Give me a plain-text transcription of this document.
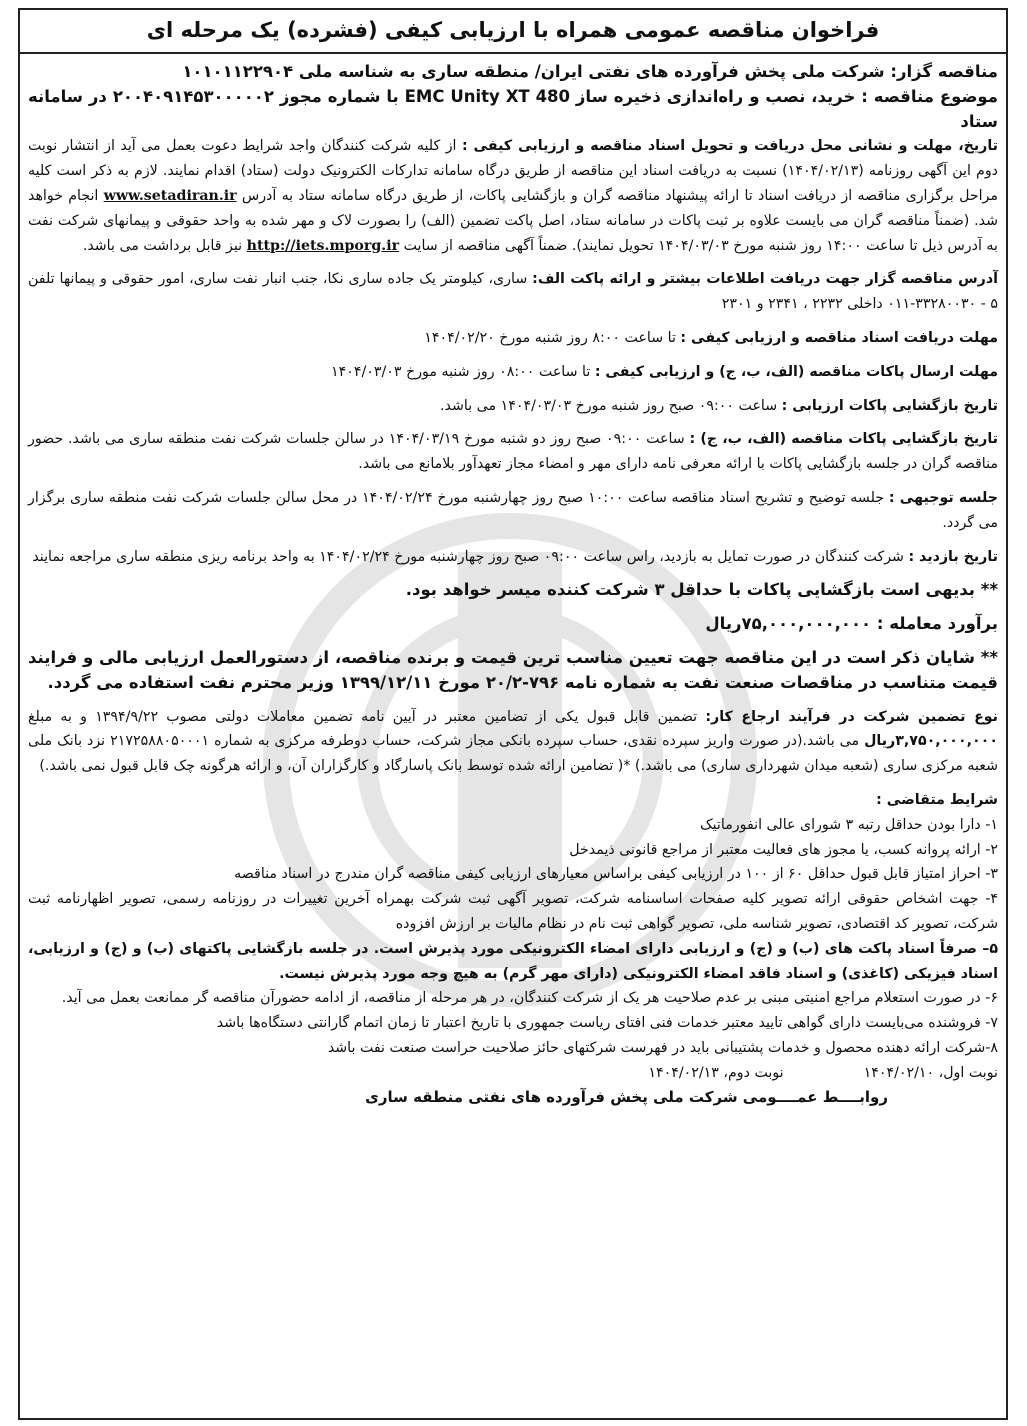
فراخوان مناقصه عمومی همراه با ارزیابی کیفی (فشرده) یک مرحله ای

مناقصه گزار: شرکت ملی پخش فرآورده های نفتی ایران/ منطقه ساری به شناسه ملی ۱۰۱۰۱۱۲۲۹۰۴

موضوع مناقصه : خرید، نصب و راه‌اندازی ذخیره ساز EMC Unity XT 480 با شماره مجوز ۲۰۰۴۰۹۱۴۵۳۰۰۰۰۰۲ در سامانه ستاد

تاریخ، مهلت و نشانی محل دریافت و تحویل اسناد مناقصه و ارزیابی کیفی : از کلیه شرکت کنندگان واجد شرایط دعوت بعمل می آید از انتشار نوبت دوم این آگهی روزنامه (۱۴۰۴/۰۲/۱۳) نسبت به دریافت اسناد این مناقصه از طریق درگاه سامانه تدارکات الکترونیک دولت (ستاد) اقدام نمایند. لازم به ذکر است کلیه مراحل برگزاری مناقصه از دریافت اسناد تا ارائه پیشنهاد مناقصه گران و بازگشایی پاکات، از طریق درگاه سامانه ستاد به آدرس www.setadiran.ir انجام خواهد شد. (ضمناً مناقصه گران می بایست علاوه بر ثبت پاکات در سامانه ستاد، اصل پاکت تضمین (الف) را بصورت لاک و مهر شده به واحد حقوقی و پیمانهای شرکت نفت به آدرس ذیل تا ساعت ۱۴:۰۰ روز شنبه مورخ ۱۴۰۴/۰۳/۰۳ تحویل نمایند). ضمناً آگهی مناقصه از سایت http://iets.mporg.ir نیز قابل برداشت می باشد.

آدرس مناقصه گزار جهت دریافت اطلاعات بیشتر و ارائه پاکت الف: ساری، کیلومتر یک جاده ساری نکا، جنب انبار نفت ساری، امور حقوقی و پیمانها تلفن ۵ - ۳۳۲۸۰۰۳۰-۰۱۱ داخلی ۲۲۳۲ ، ۲۳۴۱ و ۲۳۰۱

مهلت دریافت اسناد مناقصه و ارزیابی کیفی : تا ساعت ۸:۰۰ روز شنبه مورخ ۱۴۰۴/۰۲/۲۰

مهلت ارسال پاکات مناقصه (الف، ب، ج) و ارزیابی کیفی : تا ساعت ۰۸:۰۰ روز شنبه مورخ ۱۴۰۴/۰۳/۰۳

تاریخ بازگشایی پاکات ارزیابی : ساعت ۰۹:۰۰ صبح روز شنبه مورخ ۱۴۰۴/۰۳/۰۳ می باشد.

تاریخ بازگشایی پاکات مناقصه (الف، ب، ج) : ساعت ۰۹:۰۰ صبح روز دو شنبه مورخ ۱۴۰۴/۰۳/۱۹ در سالن جلسات شرکت نفت منطقه ساری می باشد. حضور مناقصه گران در جلسه بازگشایی پاکات با ارائه معرفی نامه دارای مهر و امضاء مجاز تعهدآور بلامانع می باشد.

جلسه توجیهی : جلسه توضیح و تشریح اسناد مناقصه ساعت ۱۰:۰۰ صبح روز چهارشنبه مورخ ۱۴۰۴/۰۲/۲۴ در محل سالن جلسات شرکت نفت منطقه ساری برگزار می گردد.

تاریخ بازدید : شرکت کنندگان در صورت تمایل به بازدید، راس ساعت ۰۹:۰۰ صبح روز چهارشنبه مورخ ۱۴۰۴/۰۲/۲۴ به واحد برنامه ریزی منطقه ساری مراجعه نمایند

** بدیهی است بازگشایی پاکات با حداقل ۳ شرکت کننده میسر خواهد بود.

برآورد معامله : ۷۵,۰۰۰,۰۰۰,۰۰۰ریال

** شایان ذکر است در این مناقصه جهت تعیین مناسب ترین قیمت و برنده مناقصه، از دستورالعمل ارزیابی مالی و فرایند قیمت متناسب در مناقصات صنعت نفت به شماره نامه ۷۹۶-۲۰/۲ مورخ ۱۳۹۹/۱۲/۱۱ وزیر محترم نفت استفاده می گردد.

نوع تضمین شرکت در فرآیند ارجاع کار: تضمین قابل قبول یکی از تضامین معتبر در آیین نامه تضمین معاملات دولتی مصوب ۱۳۹۴/۹/۲۲ و به مبلغ ۳,۷۵۰,۰۰۰,۰۰۰ریال می باشد.(در صورت واریز سپرده نقدی، حساب سپرده بانکی مجاز شرکت، حساب دوطرفه مرکزی به شماره ۲۱۷۲۵۸۸۰۵۰۰۰۱ نزد بانک ملی شعبه مرکزی ساری (شعبه میدان شهرداری ساری) می باشد.) *( تضامین ارائه شده توسط بانک پاسارگاد و کارگزاران آن، و ارائه هرگونه چک قابل قبول نمی باشد.)

شرایط متقاضی :

۱- دارا بودن حداقل رتبه ۳ شورای عالی انفورماتیک

۲- ارائه پروانه کسب، یا مجوز های فعالیت معتبر از مراجع قانونی ذیمدخل

۳- احراز امتیاز قابل قبول حداقل ۶۰ از ۱۰۰ در ارزیابی کیفی براساس معیارهای ارزیابی کیفی مناقصه گران مندرج در اسناد مناقصه

۴- جهت اشخاص حقوقی ارائه تصویر کلیه صفحات اساسنامه شرکت، تصویر آگهی ثبت شرکت بهمراه آخرین تغییرات در روزنامه رسمی، تصویر اظهارنامه ثبت شرکت، تصویر کد اقتصادی، تصویر شناسه ملی، تصویر گواهی ثبت نام در نظام مالیات بر ارزش افزوده

۵– صرفاً اسناد پاکت های (ب) و (ج) و ارزیابی دارای امضاء الکترونیکی مورد پذیرش است. در جلسه بازگشایی پاکتهای (ب) و (ج) و ارزیابی، اسناد فیزیکی (کاغذی) و اسناد فاقد امضاء الکترونیکی (دارای مهر گرم) به هیچ وجه مورد پذیرش نیست.

۶- در صورت استعلام مراجع امنیتی مبنی بر عدم صلاحیت هر یک از شرکت کنندگان، در هر مرحله از مناقصه، از ادامه حضورآن مناقصه گر ممانعت بعمل می آید.

۷- فروشنده می‌بایست دارای گواهی تایید معتبر خدمات فنی افتای ریاست جمهوری با تاریخ اعتبار تا زمان اتمام گارانتی دستگاه‌ها باشد

۸-شرکت ارائه دهنده محصول و خدمات پشتیبانی باید در فهرست شرکتهای حائز صلاحیت حراست صنعت نفت باشد

نوبت اول، ۱۴۰۴/۰۲/۱۰
نوبت دوم، ۱۴۰۴/۰۲/۱۳

روابــــط عمــــومی شرکت ملی پخش فرآورده های نفتی منطقه ساری
